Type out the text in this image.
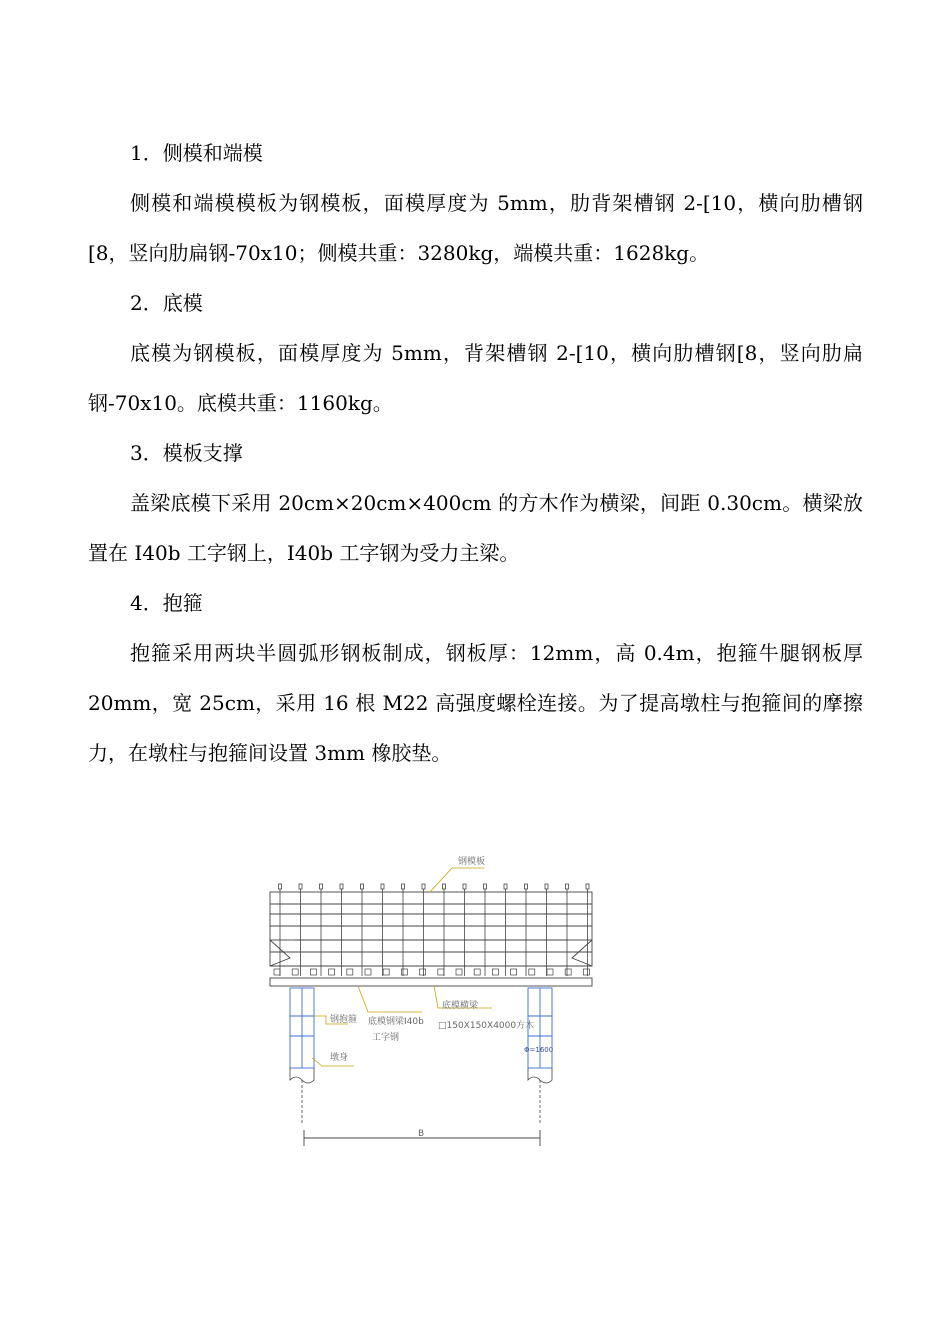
1．侧模和端模

侧模和端模模板为钢模板，面模厚度为 5mm，肋背架槽钢 2-[10，横向肋槽钢[8，竖向肋扁钢-70x10；侧模共重：3280kg，端模共重：1628kg。

2．底模

底模为钢模板，面模厚度为 5mm，背架槽钢 2-[10，横向肋槽钢[8，竖向肋扁钢-70x10。底模共重：1160kg。

3．模板支撑

盖梁底模下采用 20cm×20cm×400cm 的方木作为横梁，间距 0.30cm。横梁放置在 I40b 工字钢上，I40b 工字钢为受力主梁。

4．抱箍

抱箍采用两块半圆弧形钢板制成，钢板厚：12mm，高 0.4m，抱箍牛腿钢板厚 20mm，宽 25cm，采用 16 根 M22 高强度螺栓连接。为了提高墩柱与抱箍间的摩擦力，在墩柱与抱箍间设置 3mm 橡胶垫。

钢模板
钢抱箍 底模钢梁I40b
工字钢
底模横梁
□150X150X4000方木
墩身
Φ=1600
B
